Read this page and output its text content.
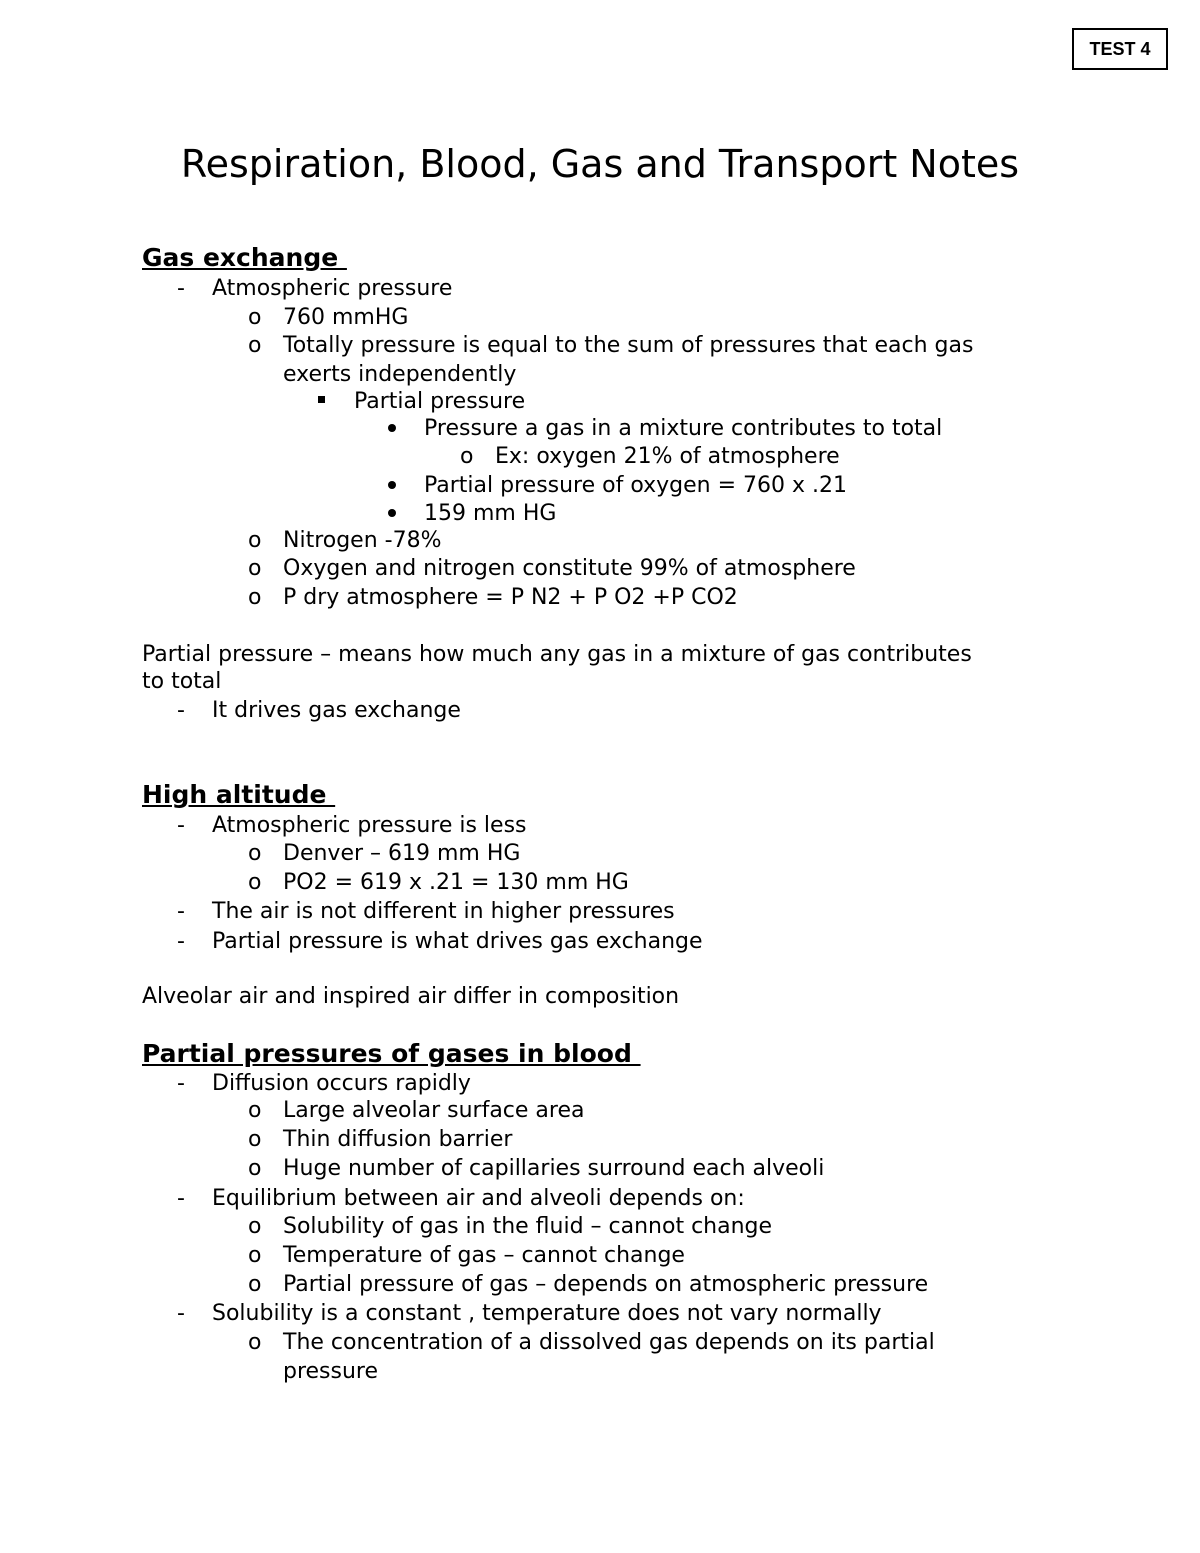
TEST 4
Respiration, Blood, Gas and Transport Notes
Gas exchange
- Atmospheric pressure
o 760 mmHG
o Totally pressure is equal to the sum of pressures that each gas
exerts independently
Partial pressure
Pressure a gas in a mixture contributes to total
o Ex: oxygen 21% of atmosphere
Partial pressure of oxygen = 760 x .21
159 mm HG
o Nitrogen -78%
o Oxygen and nitrogen constitute 99% of atmosphere
o P dry atmosphere = P N2 + P O2 +P CO2
Partial pressure – means how much any gas in a mixture of gas contributes
to total
- It drives gas exchange
High altitude
- Atmospheric pressure is less
o Denver – 619 mm HG
o PO2 = 619 x .21 = 130 mm HG
- The air is not different in higher pressures
- Partial pressure is what drives gas exchange
Alveolar air and inspired air differ in composition
Partial pressures of gases in blood
- Diffusion occurs rapidly
o Large alveolar surface area
o Thin diffusion barrier
o Huge number of capillaries surround each alveoli
- Equilibrium between air and alveoli depends on:
o Solubility of gas in the fluid – cannot change
o Temperature of gas – cannot change
o Partial pressure of gas – depends on atmospheric pressure
- Solubility is a constant , temperature does not vary normally
o The concentration of a dissolved gas depends on its partial
pressure
